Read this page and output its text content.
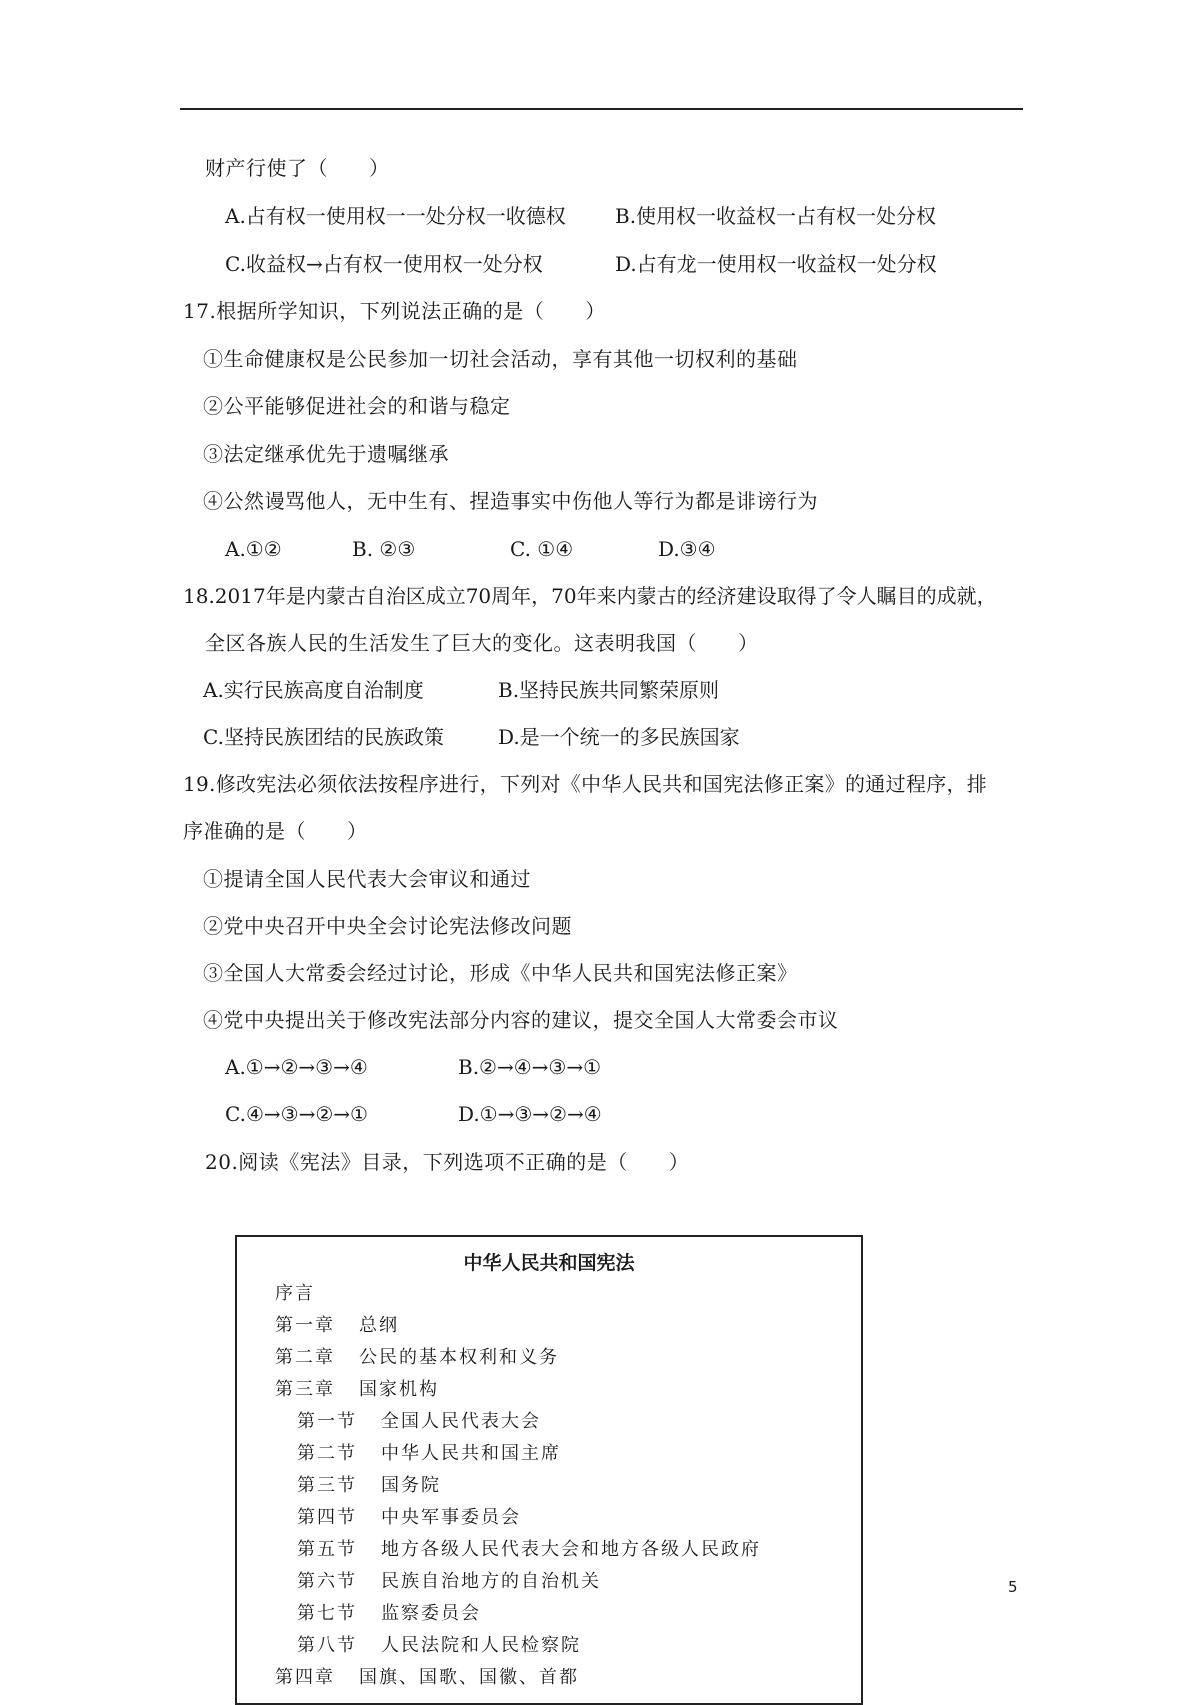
财产行使了（　　）
A.占有权一使用权一一处分权一收德权 B.使用权一收益权一占有权一处分权
C.收益权→占有权一使用权一处分权	D.占有龙一使用权一收益权一处分权
17.根据所学知识，下列说法正确的是（　　）
①生命健康权是公民参加一切社会活动，享有其他一切权利的基础
②公平能够促进社会的和谐与稳定
③法定继承优先于遗嘱继承
④公然谩骂他人，无中生有、捏造事实中伤他人等行为都是诽谤行为
A.①②	B. ②③	C. ①④	D.③④
18.2017年是内蒙古自治区成立70周年，70年来内蒙古的经济建设取得了令人瞩目的成就，
全区各族人民的生活发生了巨大的变化。这表明我国（　　）
A.实行民族高度自治制度	B.坚持民族共同繁荣原则
C.坚持民族团结的民族政策	D.是一个统一的多民族国家
19.修改宪法必须依法按程序进行，下列对《中华人民共和国宪法修正案》的通过程序，排
序准确的是（　　）
①提请全国人民代表大会审议和通过
②党中央召开中央全会讨论宪法修改问题
③全国人大常委会经过讨论，形成《中华人民共和国宪法修正案》
④党中央提出关于修改宪法部分内容的建议，提交全国人大常委会市议
A.①→②→③→④	B.②→④→③→①
C.④→③→②→①	D.①→③→②→④
20.阅读《宪法》目录，下列选项不正确的是（　　）
中华人民共和国宪法
序言
第一章 总纲
第二章 公民的基本权利和义务
第三章 国家机构
第一节 全国人民代表大会
第二节 中华人民共和国主席
第三节 国务院
第四节 中央军事委员会
第五节 地方各级人民代表大会和地方各级人民政府
第六节 民族自治地方的自治机关
第七节 监察委员会
第八节 人民法院和人民检察院
第四章 国旗、国歌、国徽、首都
5
